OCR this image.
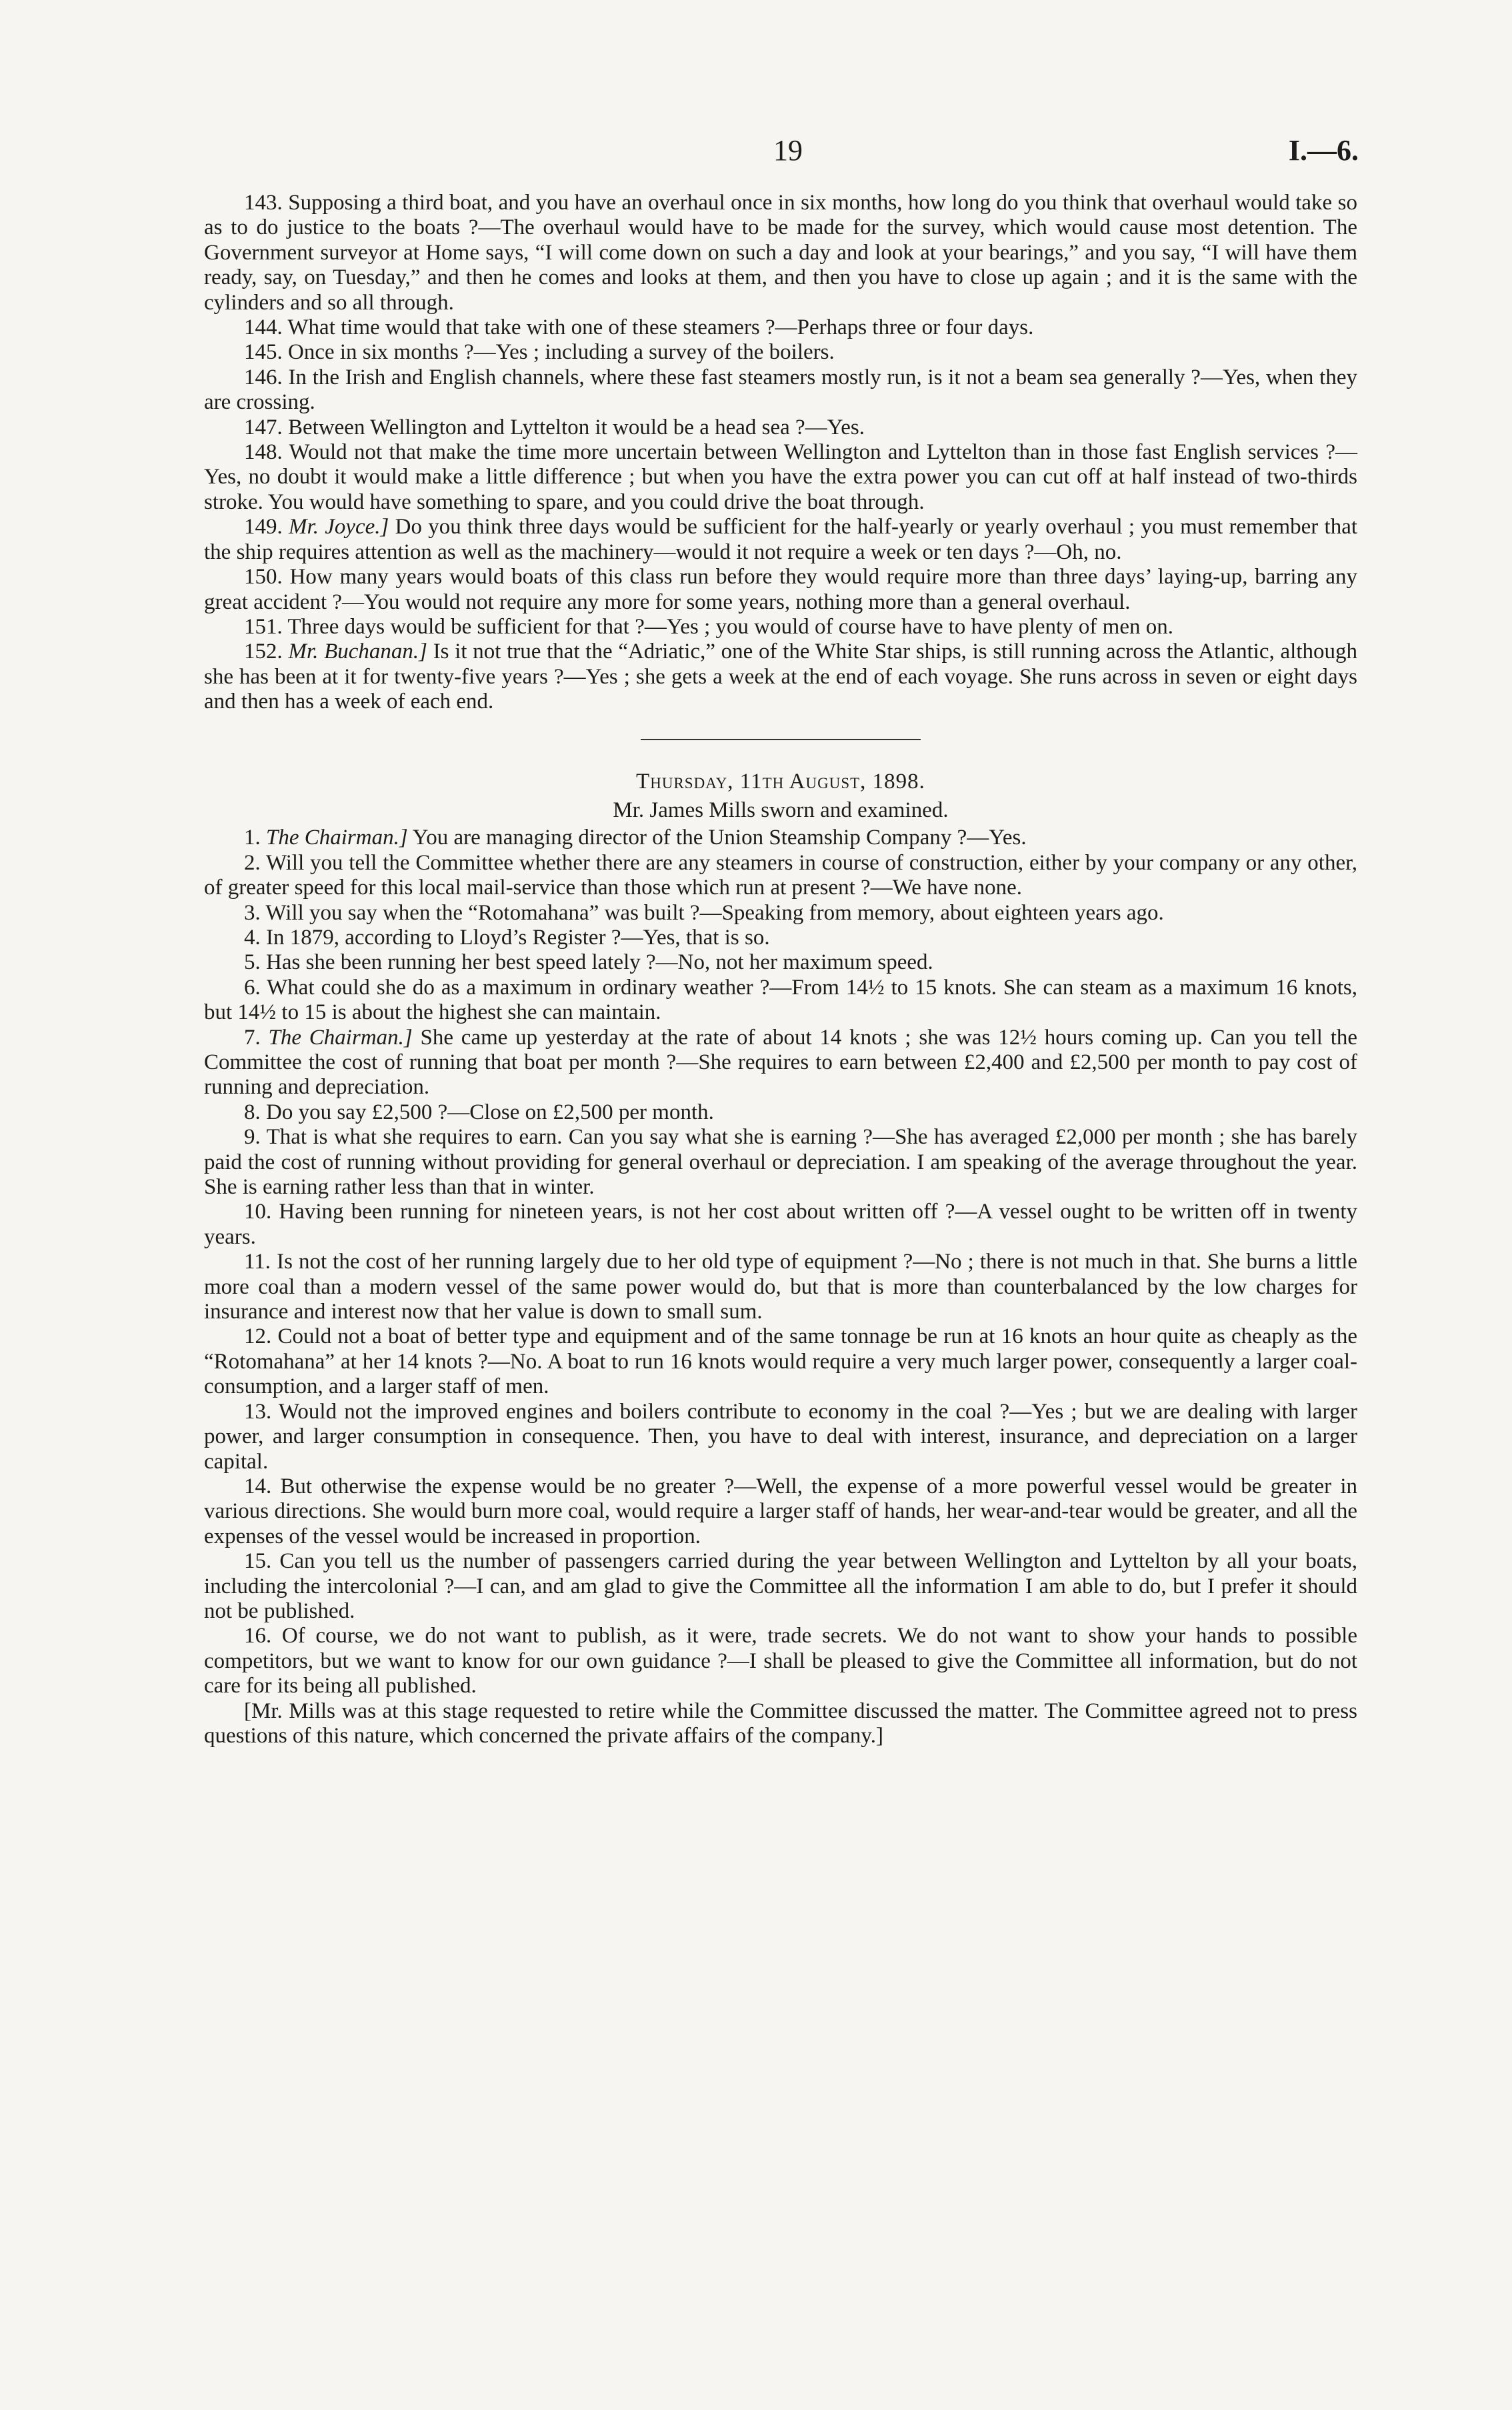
19	I.—6.

143. Supposing a third boat, and you have an overhaul once in six months, how long do you think that overhaul would take so as to do justice to the boats ?—The overhaul would have to be made for the survey, which would cause most detention. The Government surveyor at Home says, “I will come down on such a day and look at your bearings,” and you say, “I will have them ready, say, on Tuesday,” and then he comes and looks at them, and then you have to close up again ; and it is the same with the cylinders and so all through.

144. What time would that take with one of these steamers ?—Perhaps three or four days.

145. Once in six months ?—Yes ; including a survey of the boilers.

146. In the Irish and English channels, where these fast steamers mostly run, is it not a beam sea generally ?—Yes, when they are crossing.

147. Between Wellington and Lyttelton it would be a head sea ?—Yes.

148. Would not that make the time more uncertain between Wellington and Lyttelton than in those fast English services ?—Yes, no doubt it would make a little difference ; but when you have the extra power you can cut off at half instead of two-thirds stroke. You would have something to spare, and you could drive the boat through.

149. Mr. Joyce.] Do you think three days would be sufficient for the half-yearly or yearly overhaul ; you must remember that the ship requires attention as well as the machinery—would it not require a week or ten days ?—Oh, no.

150. How many years would boats of this class run before they would require more than three days’ laying-up, barring any great accident ?—You would not require any more for some years, nothing more than a general overhaul.

151. Three days would be sufficient for that ?—Yes ; you would of course have to have plenty of men on.

152. Mr. Buchanan.] Is it not true that the “Adriatic,” one of the White Star ships, is still running across the Atlantic, although she has been at it for twenty-five years ?—Yes ; she gets a week at the end of each voyage. She runs across in seven or eight days and then has a week of each end.

Thursday, 11th August, 1898.

Mr. James Mills sworn and examined.

1. The Chairman.] You are managing director of the Union Steamship Company ?—Yes.

2. Will you tell the Committee whether there are any steamers in course of construction, either by your company or any other, of greater speed for this local mail-service than those which run at present ?—We have none.

3. Will you say when the “Rotomahana” was built ?—Speaking from memory, about eighteen years ago.

4. In 1879, according to Lloyd’s Register ?—Yes, that is so.

5. Has she been running her best speed lately ?—No, not her maximum speed.

6. What could she do as a maximum in ordinary weather ?—From 14½ to 15 knots. She can steam as a maximum 16 knots, but 14½ to 15 is about the highest she can maintain.

7. The Chairman.] She came up yesterday at the rate of about 14 knots ; she was 12½ hours coming up. Can you tell the Committee the cost of running that boat per month ?—She requires to earn between £2,400 and £2,500 per month to pay cost of running and depreciation.

8. Do you say £2,500 ?—Close on £2,500 per month.

9. That is what she requires to earn. Can you say what she is earning ?—She has averaged £2,000 per month ; she has barely paid the cost of running without providing for general overhaul or depreciation. I am speaking of the average throughout the year. She is earning rather less than that in winter.

10. Having been running for nineteen years, is not her cost about written off ?—A vessel ought to be written off in twenty years.

11. Is not the cost of her running largely due to her old type of equipment ?—No ; there is not much in that. She burns a little more coal than a modern vessel of the same power would do, but that is more than counterbalanced by the low charges for insurance and interest now that her value is down to small sum.

12. Could not a boat of better type and equipment and of the same tonnage be run at 16 knots an hour quite as cheaply as the “Rotomahana” at her 14 knots ?—No. A boat to run 16 knots would require a very much larger power, consequently a larger coal-consumption, and a larger staff of men.

13. Would not the improved engines and boilers contribute to economy in the coal ?—Yes ; but we are dealing with larger power, and larger consumption in consequence. Then, you have to deal with interest, insurance, and depreciation on a larger capital.

14. But otherwise the expense would be no greater ?—Well, the expense of a more powerful vessel would be greater in various directions. She would burn more coal, would require a larger staff of hands, her wear-and-tear would be greater, and all the expenses of the vessel would be increased in proportion.

15. Can you tell us the number of passengers carried during the year between Wellington and Lyttelton by all your boats, including the intercolonial ?—I can, and am glad to give the Committee all the information I am able to do, but I prefer it should not be published.

16. Of course, we do not want to publish, as it were, trade secrets. We do not want to show your hands to possible competitors, but we want to know for our own guidance ?—I shall be pleased to give the Committee all information, but do not care for its being all published.

[Mr. Mills was at this stage requested to retire while the Committee discussed the matter. The Committee agreed not to press questions of this nature, which concerned the private affairs of the company.]
